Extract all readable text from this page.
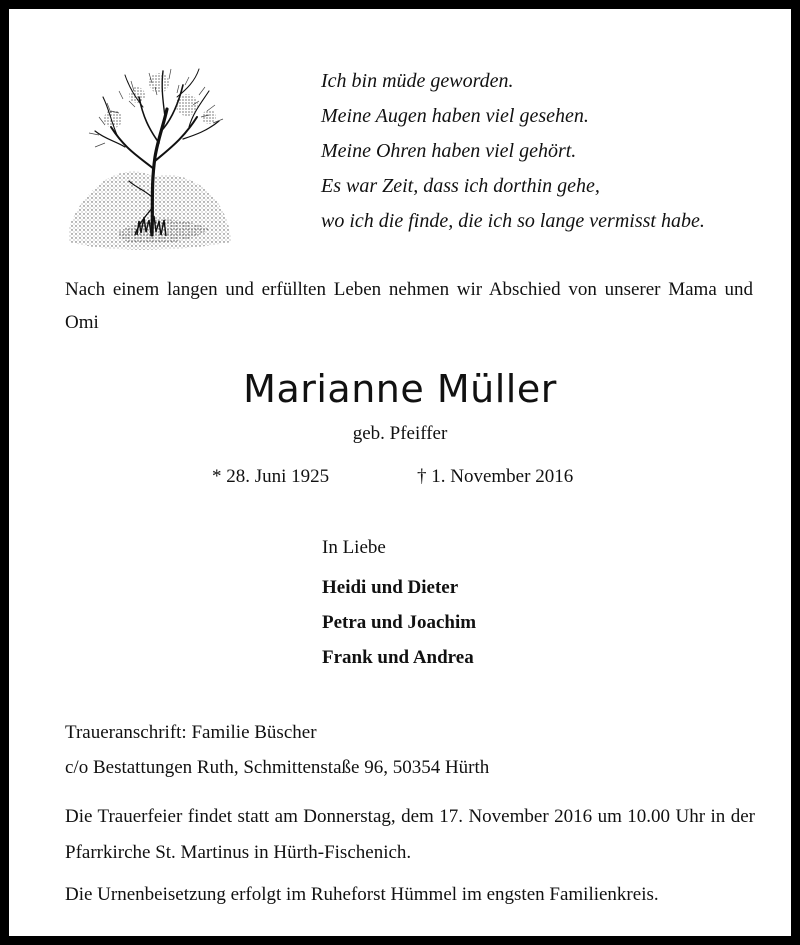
Ich bin müde geworden.
Meine Augen haben viel gesehen.
Meine Ohren haben viel gehört.
Es war Zeit, dass ich dorthin gehe,
wo ich die finde, die ich so lange vermisst habe.
Nach einem langen und erfüllten Leben nehmen wir Abschied von unserer Mama und Omi
Marianne Müller
geb. Pfeiffer
* 28. Juni 1925	† 1. November 2016
In Liebe
Heidi und Dieter
Petra und Joachim
Frank und Andrea
Traueranschrift: Familie Büscher
c/o Bestattungen Ruth, Schmittenstaße 96, 50354 Hürth
Die Trauerfeier findet statt am Donnerstag, dem 17. November 2016 um 10.00 Uhr in der Pfarrkirche St. Martinus in Hürth-Fischenich.
Die Urnenbeisetzung erfolgt im Ruheforst Hümmel im engsten Familienkreis.
